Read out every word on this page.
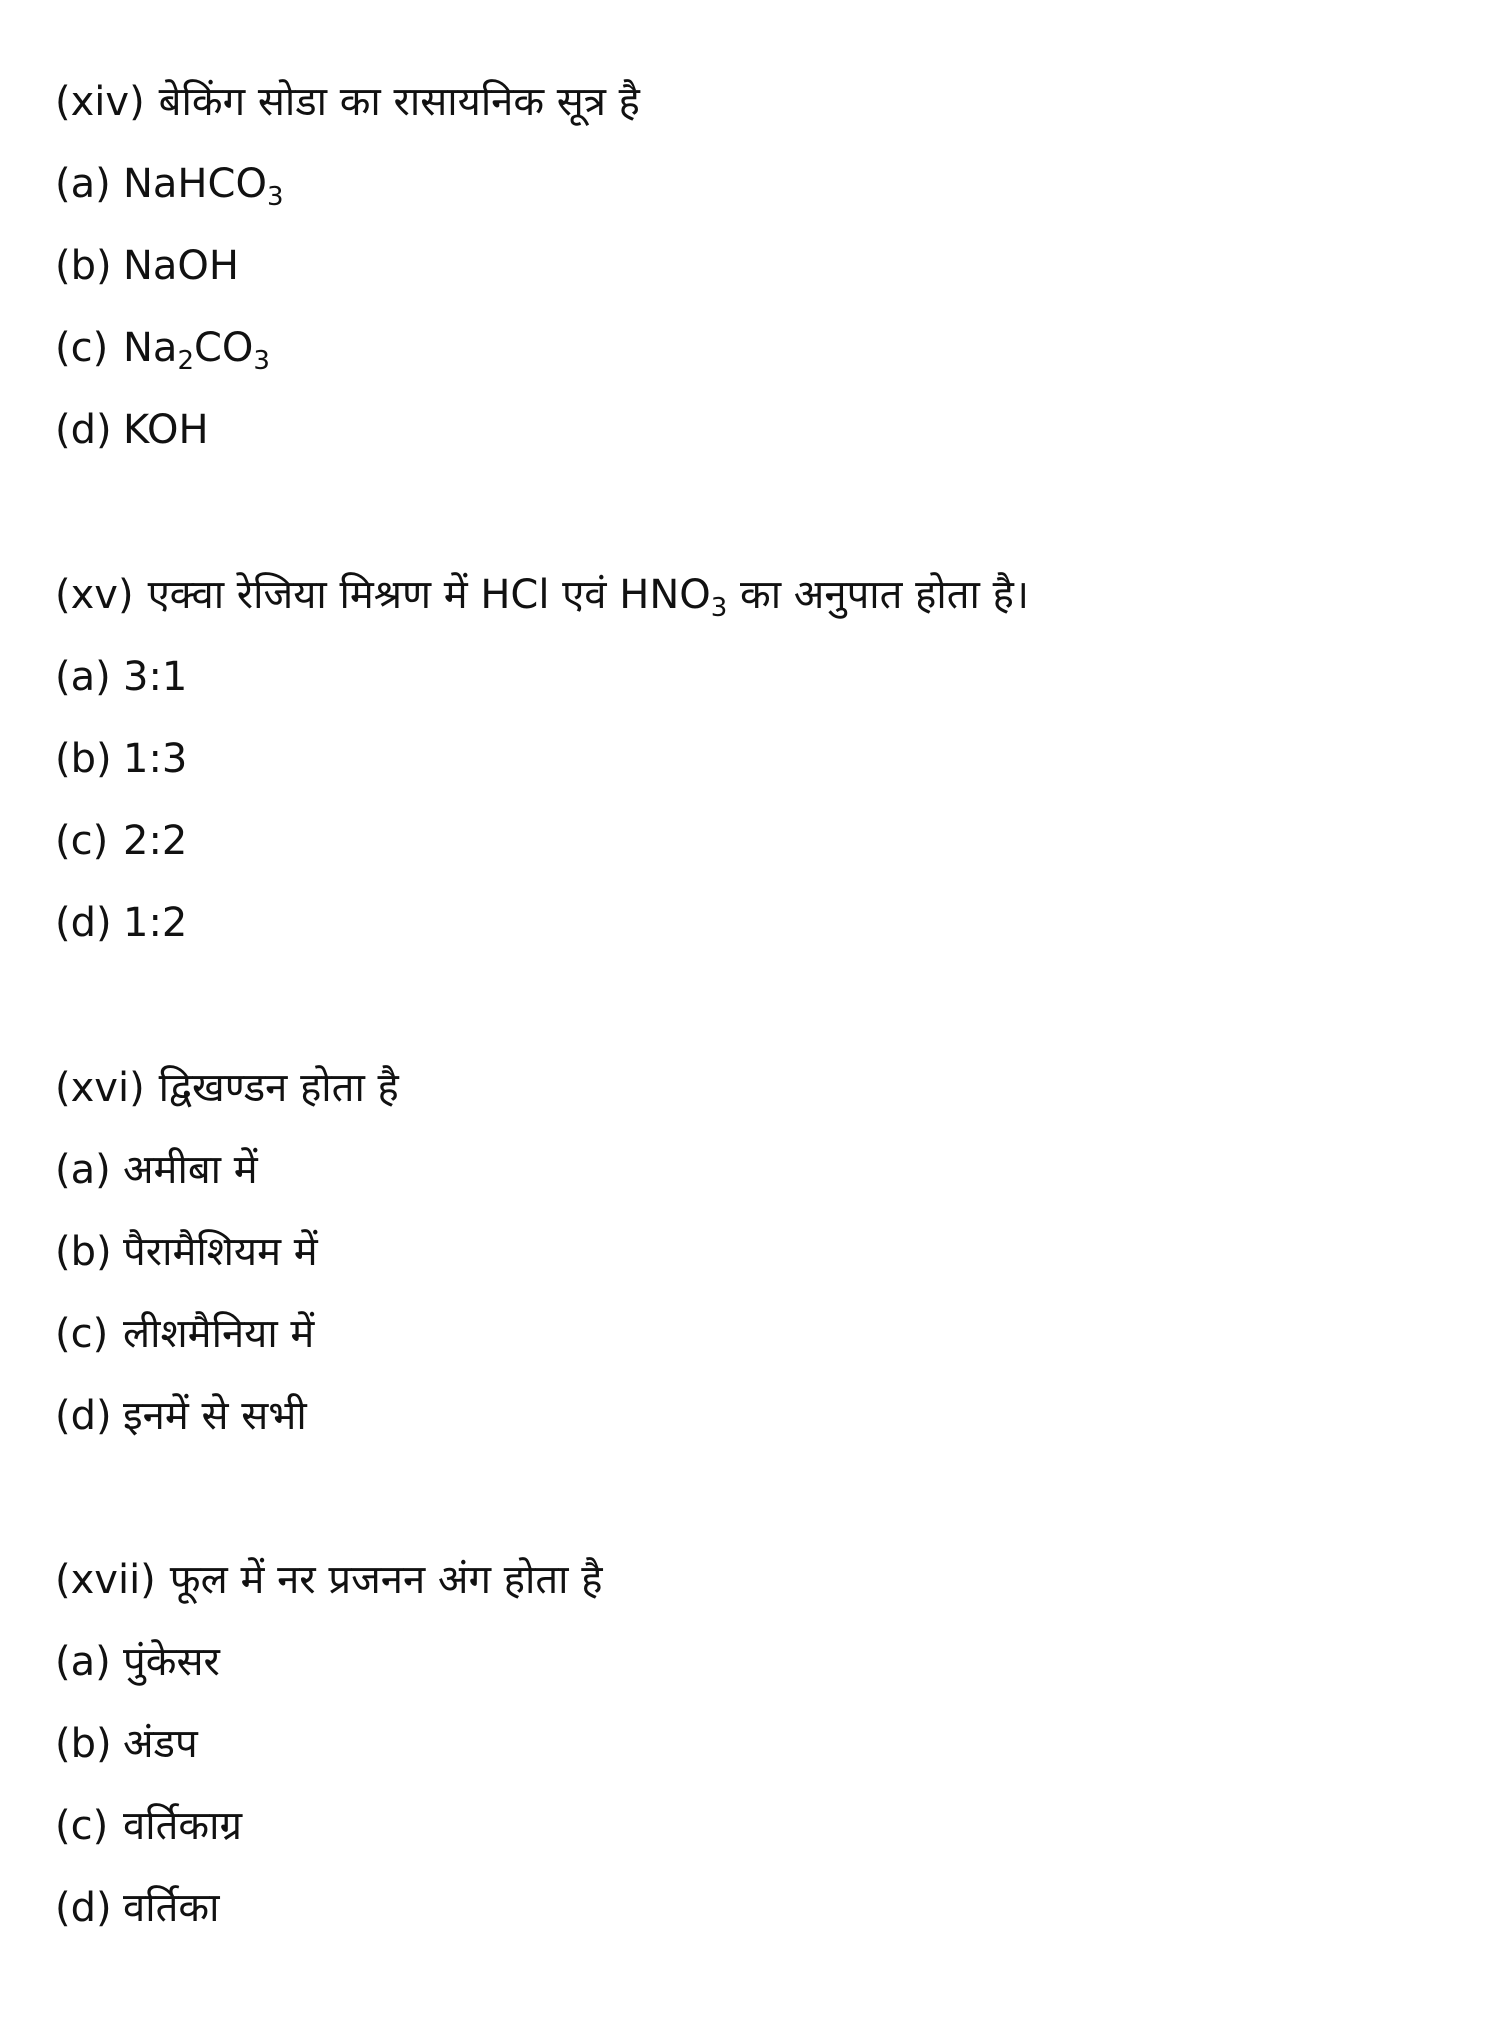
(xiv) बेकिंग सोडा का रासायनिक सूत्र है
(a) NaHCO$_3$
(b) NaOH
(c) $Na_2CO_3$
(d) KOH
(xv) एक्वा रेजिया मिश्रण में HCl एवं $HNO_3$ का अनुपात होता है।
(a) 3:1
(b) 1:3
(c) 2:2
(d) 1:2
(xvi) द्विखण्डन होता है
(a) अमीबा में
(b) पैरामैशियम में
(c) लीशमैनिया में
(d) इनमें से सभी
(xvii) फूल में नर प्रजनन अंग होता है
(a) पुंकेसर
(b) अंडप
(c) वर्तिकाग्र
(d) वर्तिका
